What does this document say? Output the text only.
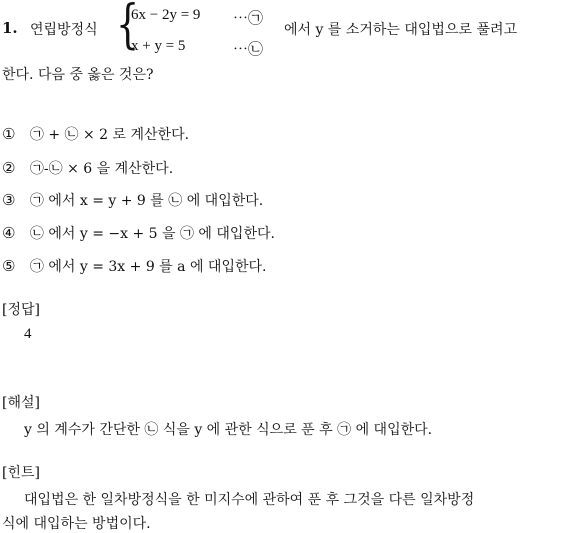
1. 연립방정식 {
6x − 2y = 9 ⋯㉠
x + y = 5	⋯㉡
에서 y 를 소거하는 대입법으로 풀려고
한다. 다음 중 옳은 것은?
① ㉠ + ㉡ × 2 로 계산한다.
② ㉠-㉡ × 6 을 계산한다.
③ ㉠ 에서 x = y + 9 를 ㉡ 에 대입한다.
④ ㉡ 에서 y = −x + 5 을 ㉠ 에 대입한다.
⑤ ㉠ 에서 y = 3x + 9 를 a 에 대입한다.
[정답]
4
[해설]
y 의 계수가 간단한 ㉡ 식을 y 에 관한 식으로 푼 후 ㉠ 에 대입한다.
[힌트]
대입법은 한 일차방정식을 한 미지수에 관하여 푼 후 그것을 다른 일차방정
식에 대입하는 방법이다.
